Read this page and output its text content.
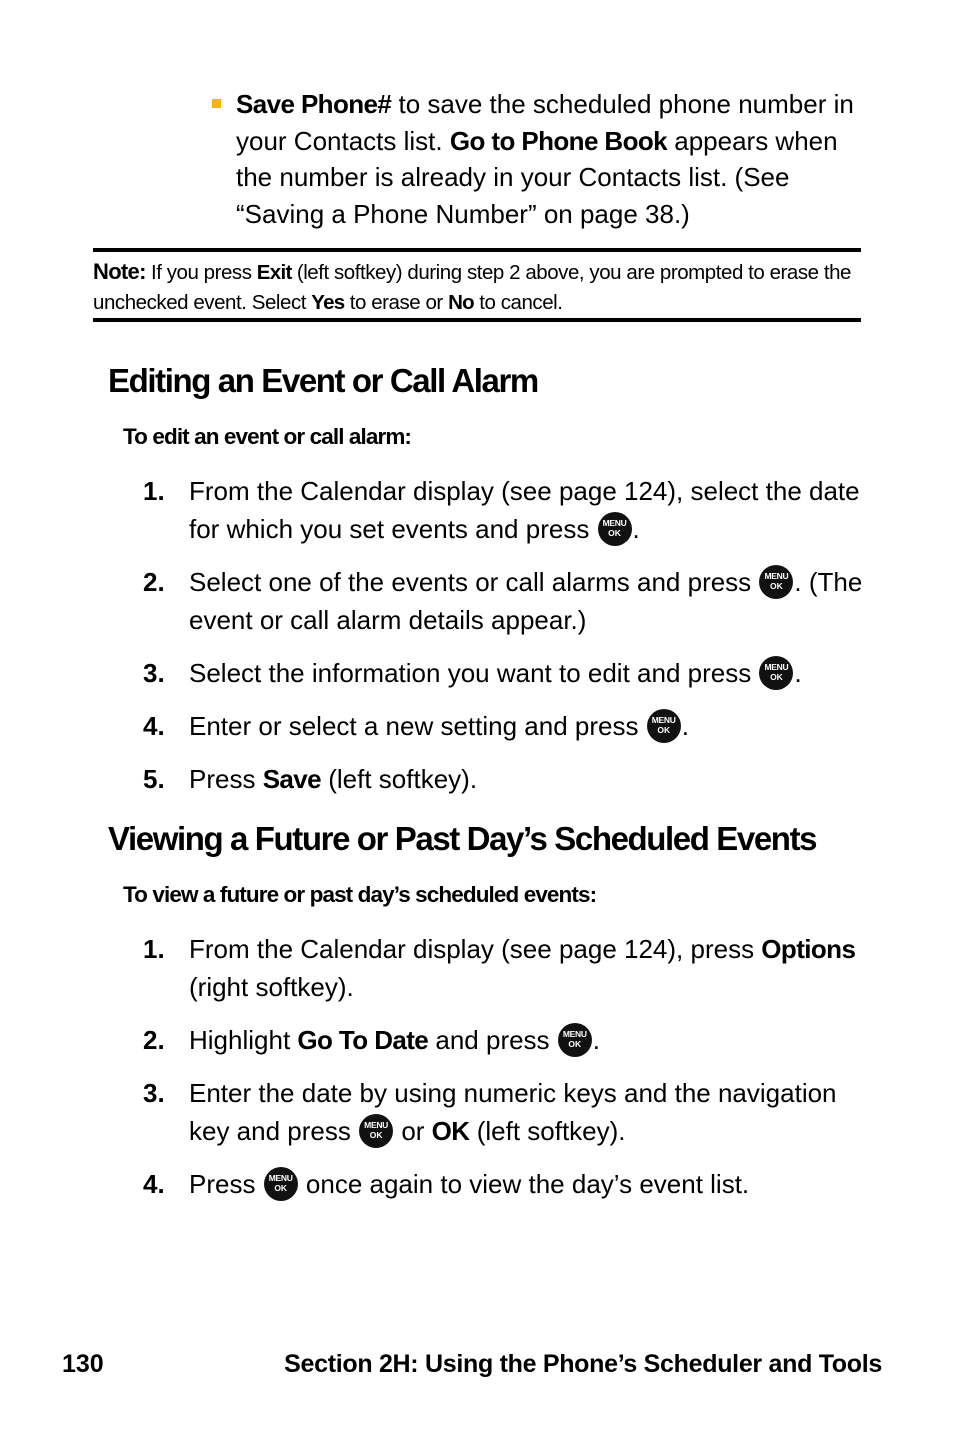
Save Phone# to save the scheduled phone number in your Contacts list. Go to Phone Book appears when the number is already in your Contacts list. (See “Saving a Phone Number” on page 38.)
Note: If you press Exit (left softkey) during step 2 above, you are prompted to erase the unchecked event. Select Yes to erase or No to cancel.
Editing an Event or Call Alarm
To edit an event or call alarm:
1. From the Calendar display (see page 124), select the date for which you set events and press MENU
OK .
2. Select one of the events or call alarms and press MENU
OK . (The event or call alarm details appear.)
3. Select the information you want to edit and press MENU
OK .
4. Enter or select a new setting and press MENU
OK .
5. Press Save (left softkey).
Viewing a Future or Past Day’s Scheduled Events
To view a future or past day’s scheduled events:
1. From the Calendar display (see page 124), press Options (right softkey).
2. Highlight Go To Date and press MENU
OK .
3. Enter the date by using numeric keys and the navigation key and press MENU
OK or OK (left softkey).
4. Press MENU
OK once again to view the day’s event list.
130	Section 2H: Using the Phone’s Scheduler and Tools
